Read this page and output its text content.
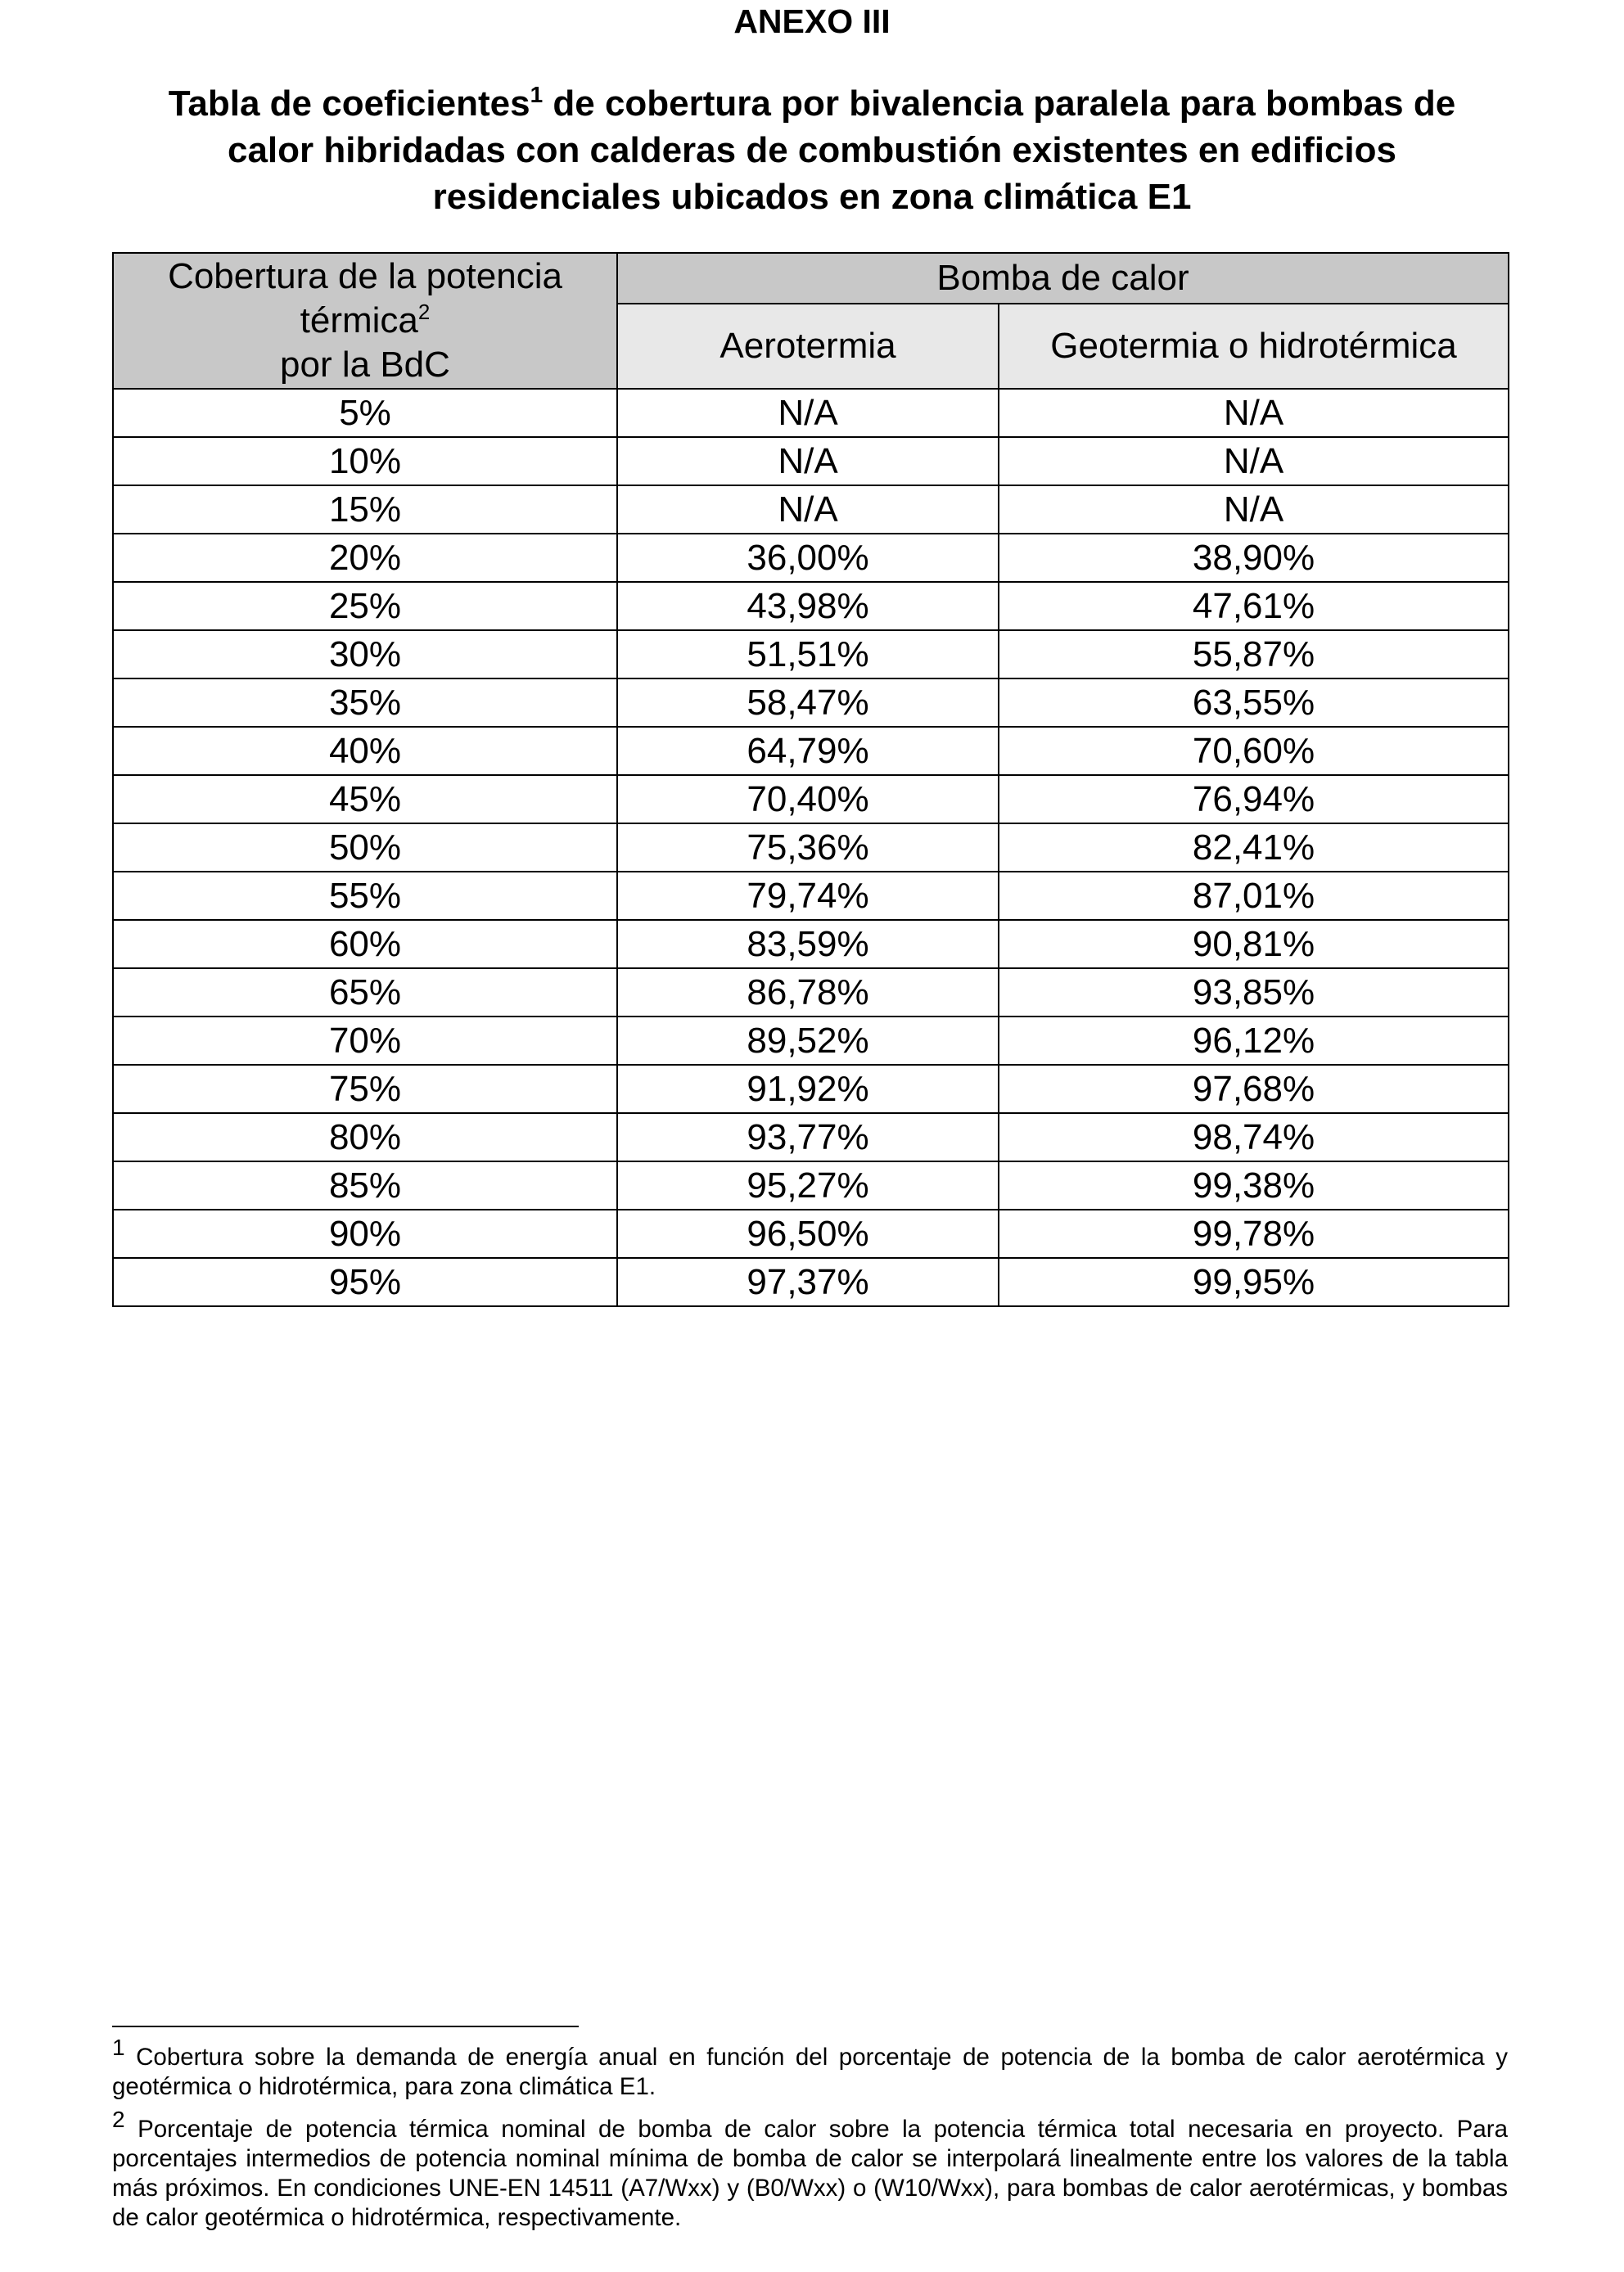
ANEXO III
Tabla de coeficientes$^1$ de cobertura por bivalencia paralela para bombas de calor hibridadas con calderas de combustión existentes en edificios residenciales ubicados en zona climática E1
Cobertura de la potencia térmica$^2$
por la BdC	Bomba de calor	
	Aerotermia	Geotermia o hidrotérmica
5%	N/A	N/A
10%	N/A	N/A
15%	N/A	N/A
20%	36,00%	38,90%
25%	43,98%	47,61%
30%	51,51%	55,87%
35%	58,47%	63,55%
40%	64,79%	70,60%
45%	70,40%	76,94%
50%	75,36%	82,41%
55%	79,74%	87,01%
60%	83,59%	90,81%
65%	86,78%	93,85%
70%	89,52%	96,12%
75%	91,92%	97,68%
80%	93,77%	98,74%
85%	95,27%	99,38%
90%	96,50%	99,78%
95%	97,37%	99,95%

1 Cobertura sobre la demanda de energía anual en función del porcentaje de potencia de la bomba de calor aerotérmica y geotérmica o hidrotérmica, para zona climática E1.

2 Porcentaje de potencia térmica nominal de bomba de calor sobre la potencia térmica total necesaria en proyecto. Para porcentajes intermedios de potencia nominal mínima de bomba de calor se interpolará linealmente entre los valores de la tabla más próximos. En condiciones UNE-EN 14511 (A7/Wxx) y (B0/Wxx) o (W10/Wxx), para bombas de calor aerotérmicas, y bombas de calor geotérmica o hidrotérmica, respectivamente.
